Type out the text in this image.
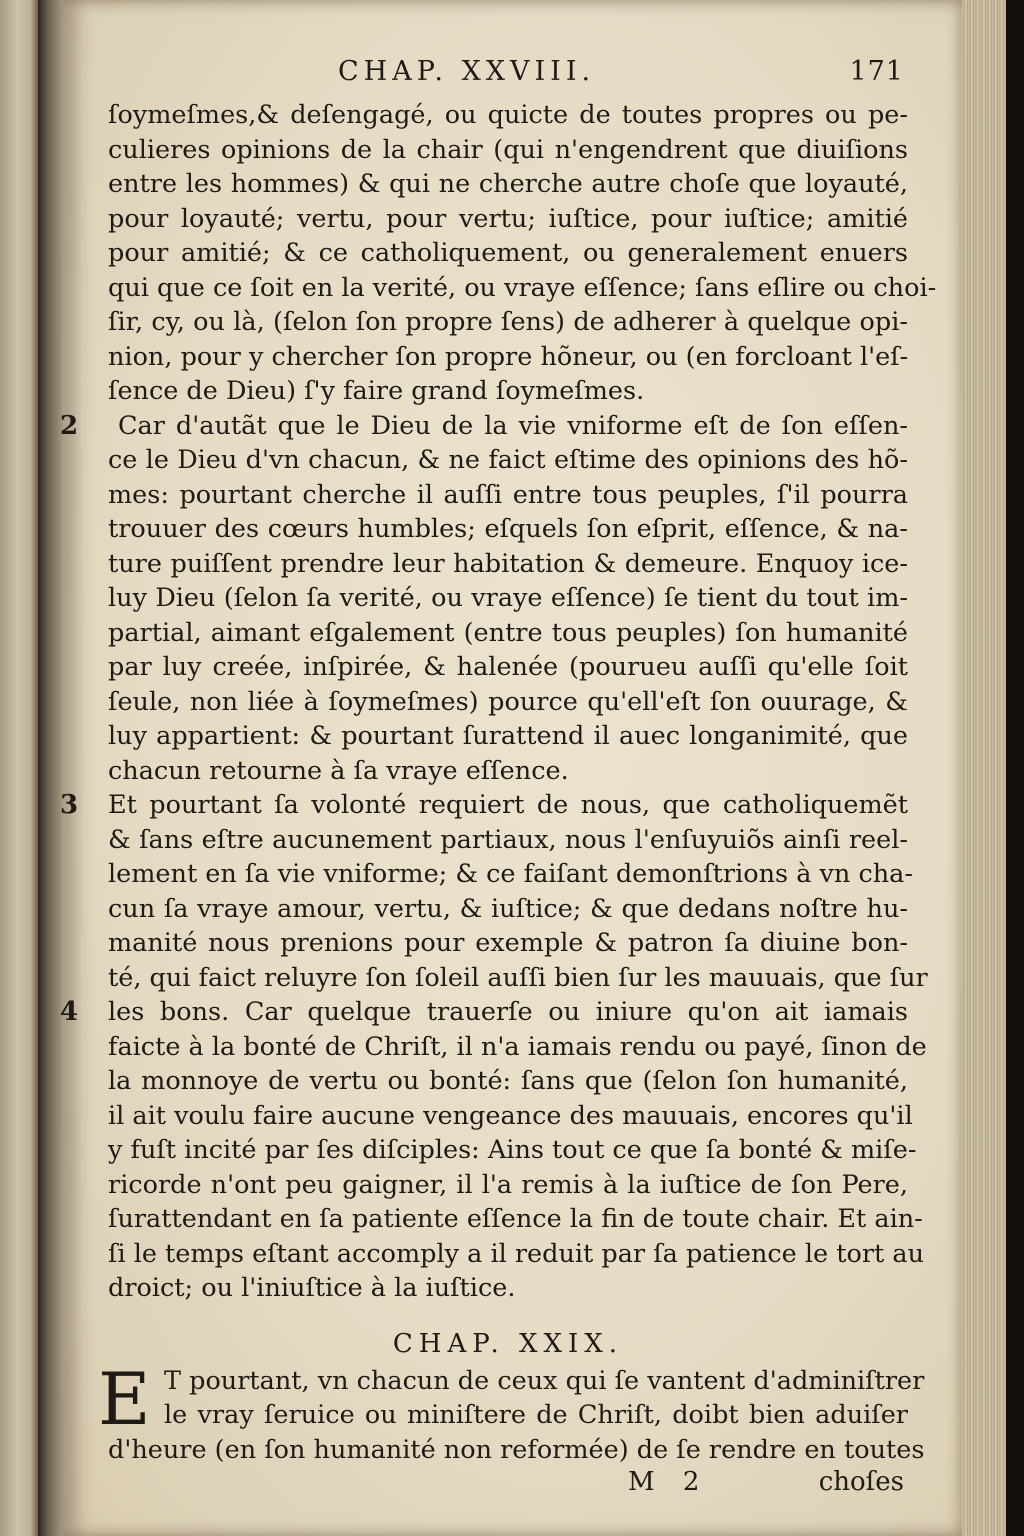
CHAP. XXVIII.	171
ſoymeſmes,& deſengagé, ou quicte de toutes propres ou pe-
culieres opinions de la chair (qui n'engendrent que diuiſions
entre les hommes) & qui ne cherche autre choſe que loyauté,
pour loyauté; vertu, pour vertu; iuſtice, pour iuſtice; amitié
pour amitié; & ce catholiquement, ou generalement enuers
qui que ce ſoit en la verité, ou vraye eſſence; ſans eſlire ou choi-
ſir, cy, ou là, (ſelon ſon propre ſens) de adherer à quelque opi-
nion, pour y chercher ſon propre hõneur, ou (en forcloant l'eſ-
ſence de Dieu) ſ'y faire grand ſoymeſmes.
2	Car d'autãt que le Dieu de la vie vniforme eſt de ſon eſſen-
ce le Dieu d'vn chacun, & ne faict eſtime des opinions des hõ-
mes: pourtant cherche il auſſi entre tous peuples, ſ'il pourra
trouuer des cœurs humbles; eſquels ſon eſprit, eſſence, & na-
ture puiſſent prendre leur habitation & demeure. Enquoy ice-
luy Dieu (ſelon ſa verité, ou vraye eſſence) ſe tient du tout im-
partial, aimant eſgalement (entre tous peuples) ſon humanité
par luy creée, inſpirée, & halenée (pourueu auſſi qu'elle ſoit
ſeule, non liée à ſoymeſmes) pource qu'ell'eſt ſon ouurage, &
luy appartient: & pourtant ſurattend il auec longanimité, que
chacun retourne à ſa vraye eſſence.
3 Et pourtant ſa volonté requiert de nous, que catholiquemẽt
& ſans eſtre aucunement partiaux, nous l'enſuyuiõs ainſi reel-
lement en ſa vie vniforme; & ce faiſant demonſtrions à vn cha-
cun ſa vraye amour, vertu, & iuſtice; & que dedans noſtre hu-
manité nous prenions pour exemple & patron ſa diuine bon-
té, qui faict reluyre ſon ſoleil auſſi bien ſur les mauuais, que ſur
4 les bons. Car quelque trauerſe ou iniure qu'on ait iamais
faicte à la bonté de Chriſt, il n'a iamais rendu ou payé, ſinon de
la monnoye de vertu ou bonté: ſans que (ſelon ſon humanité,
il ait voulu faire aucune vengeance des mauuais, encores qu'il
y fuſt incité par ſes diſciples: Ains tout ce que ſa bonté & miſe-
ricorde n'ont peu gaigner, il l'a remis à la iuſtice de ſon Pere,
ſurattendant en ſa patiente eſſence la fin de toute chair. Et ain-
ſi le temps eſtant accomply a il reduit par ſa patience le tort au
droict; ou l'iniuſtice à la iuſtice.
CHAP. XXIX.
E T pourtant, vn chacun de ceux qui ſe vantent d'adminiſtrer
le vray ſeruice ou miniſtere de Chriſt, doibt bien aduiſer
d'heure (en ſon humanité non reformée) de ſe rendre en toutes
M 2	choſes
